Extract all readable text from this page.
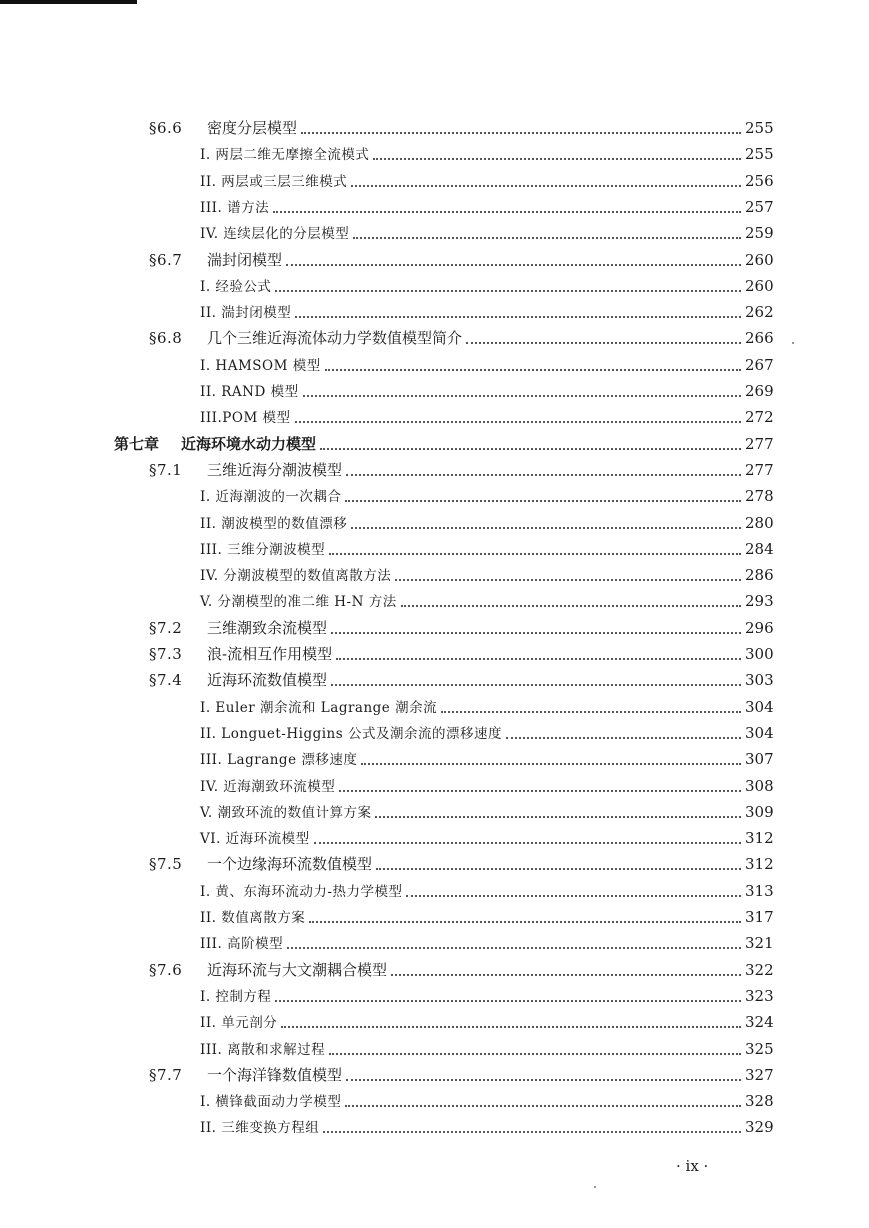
§6.6	密度分层模型	255
I. 两层二维无摩擦全流模式	255
II. 两层或三层三维模式	256
III. 谱方法	257
IV. 连续层化的分层模型	259
§6.7	湍封闭模型	260
I. 经验公式	260
II. 湍封闭模型	262
§6.8	几个三维近海流体动力学数值模型简介	266
I. HAMSOM 模型	267
II. RAND 模型	269
III.POM 模型	272
第七章	近海环境水动力模型	277
§7.1	三维近海分潮波模型	277
I. 近海潮波的一次耦合	278
II. 潮波模型的数值漂移	280
III. 三维分潮波模型	284
IV. 分潮波模型的数值离散方法	286
V. 分潮模型的准二维 H-N 方法	293
§7.2	三维潮致余流模型	296
§7.3	浪-流相互作用模型	300
§7.4	近海环流数值模型	303
I. Euler 潮余流和 Lagrange 潮余流	304
II. Longuet-Higgins 公式及潮余流的漂移速度	304
III. Lagrange 漂移速度	307
IV. 近海潮致环流模型	308
V. 潮致环流的数值计算方案	309
VI. 近海环流模型	312
§7.5	一个边缘海环流数值模型	312
I. 黄、东海环流动力-热力学模型	313
II. 数值离散方案	317
III. 高阶模型	321
§7.6	近海环流与大文潮耦合模型	322
I. 控制方程	323
II. 单元剖分	324
III. 离散和求解过程	325
§7.7	一个海洋锋数值模型	327
I. 横锋截面动力学模型	328
II. 三维变换方程组	329
· ix ·
